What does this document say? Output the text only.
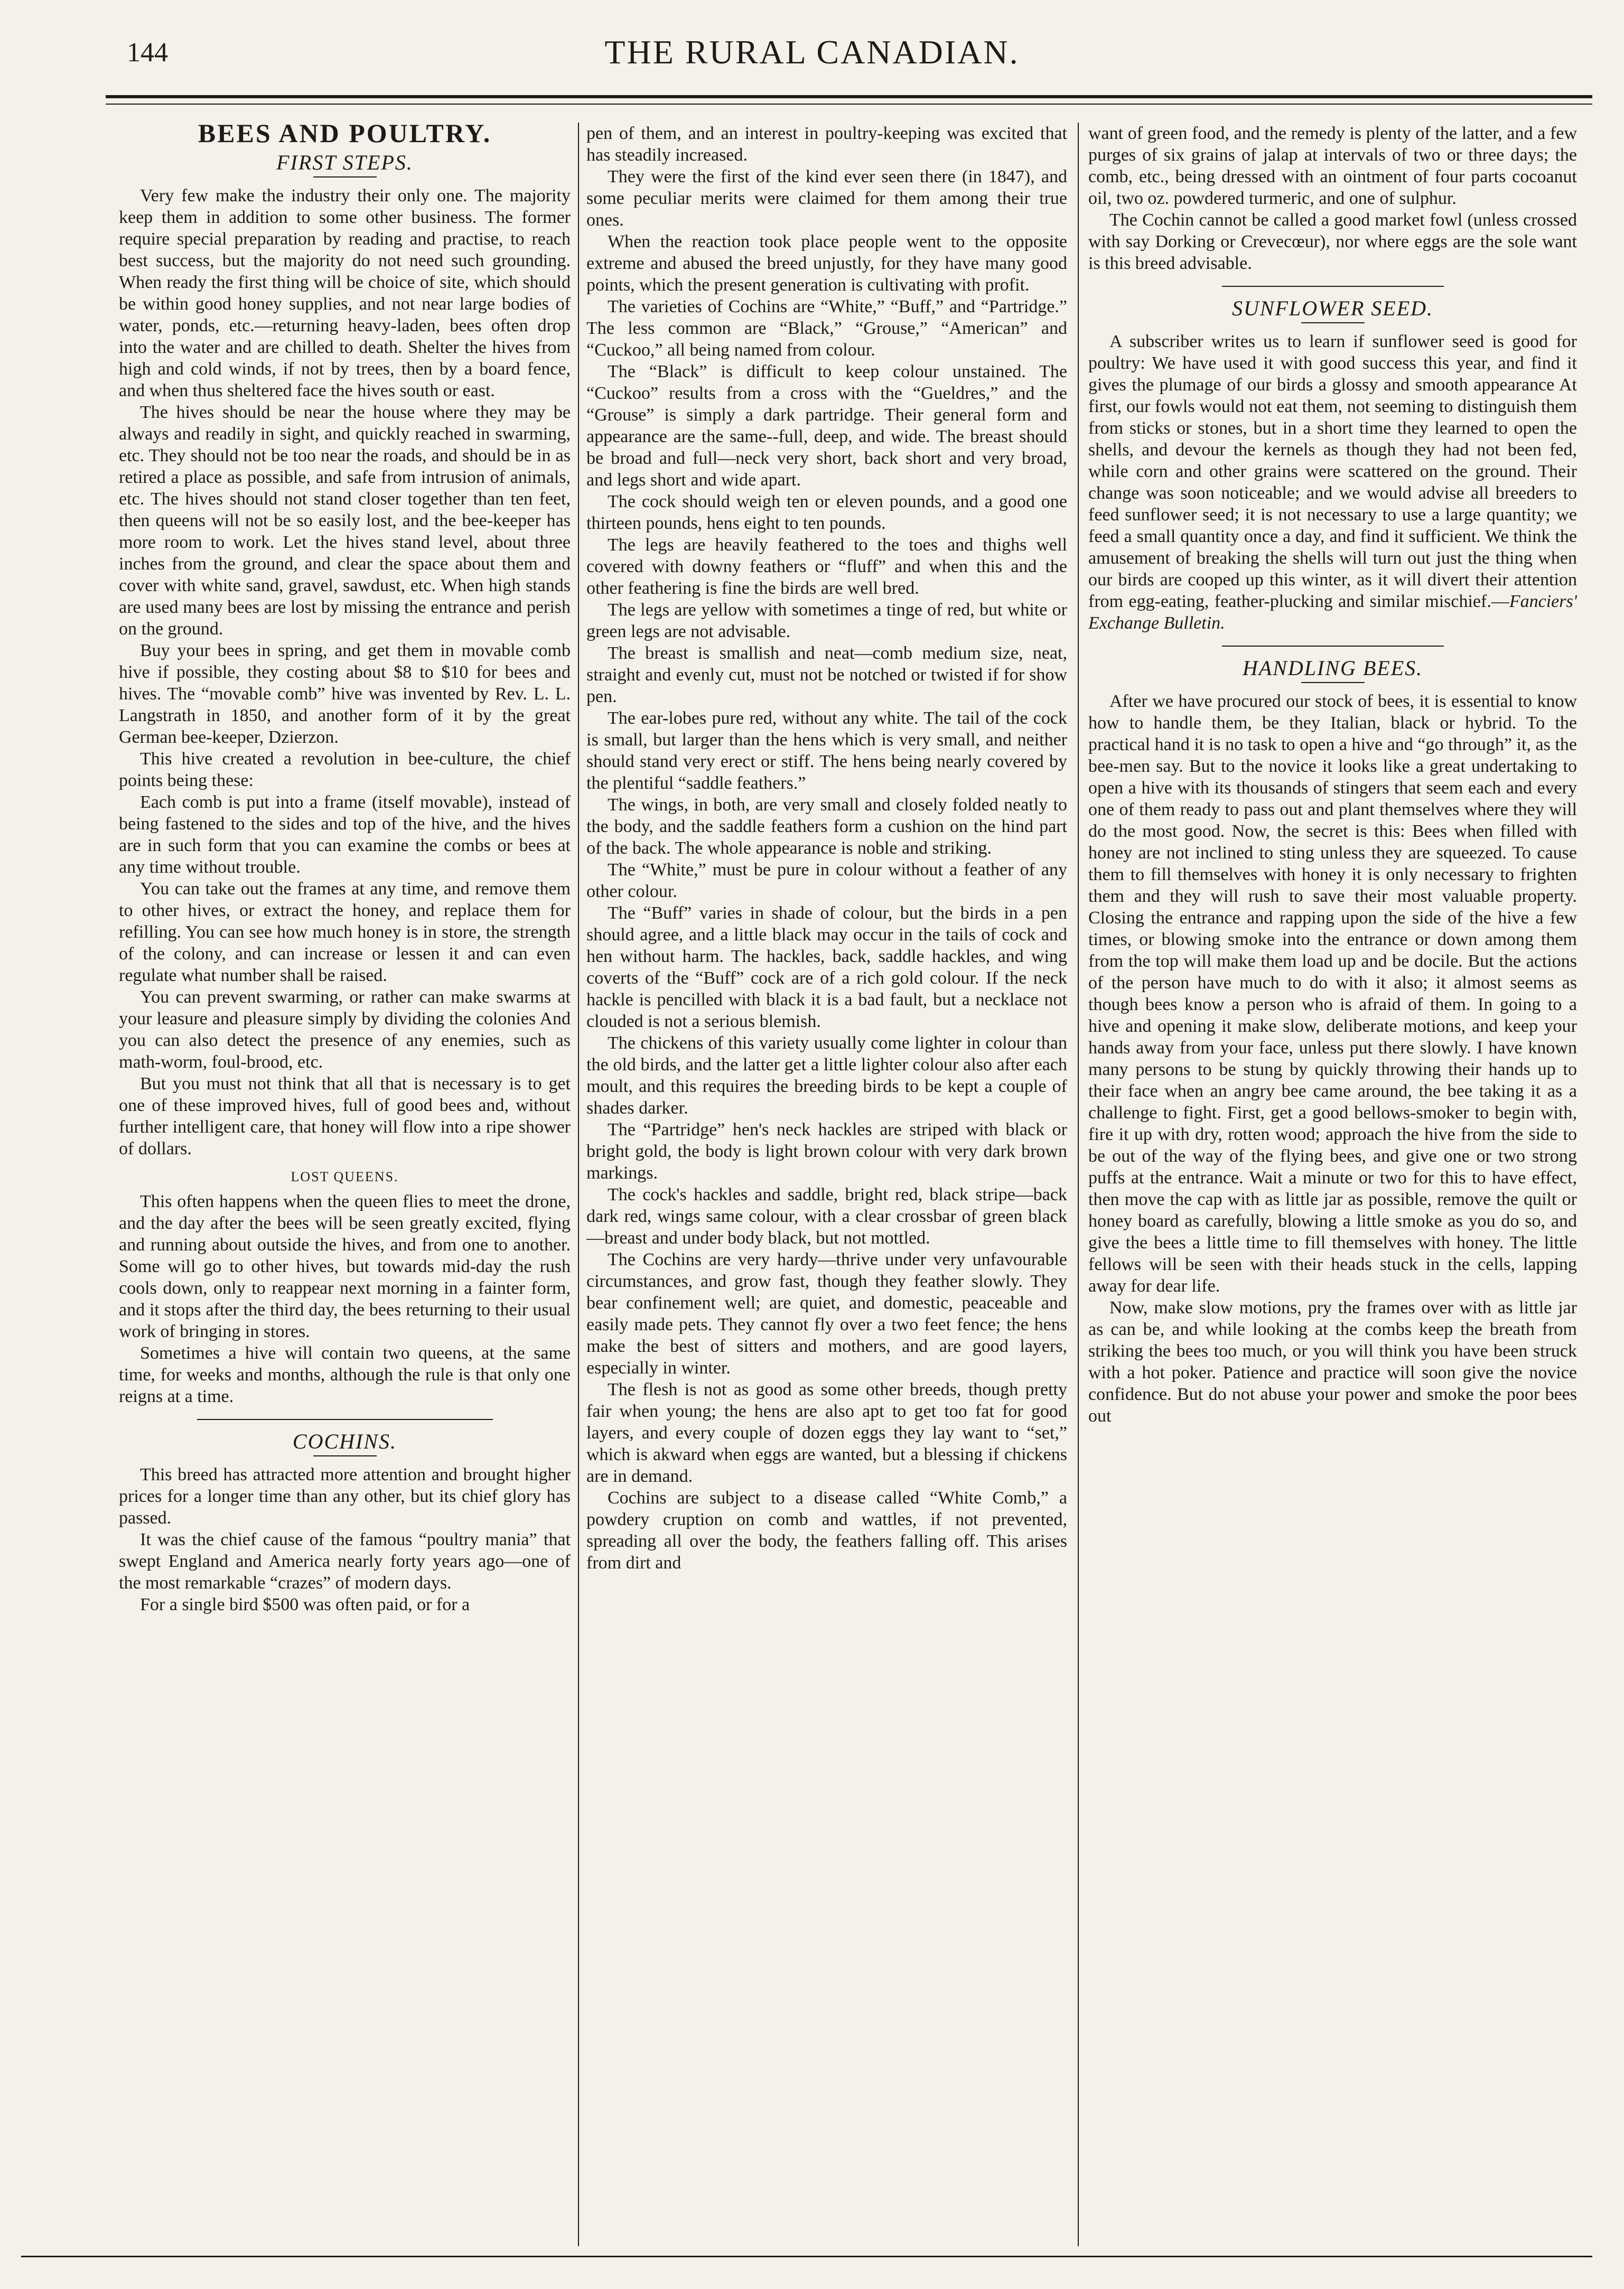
144	THE RURAL CANADIAN.
BEES AND POULTRY.
FIRST STEPS.

Very few make the industry their only one. The majority keep them in addition to some other business. The former require special preparation by reading and practise, to reach best success, but the majority do not need such grounding. When ready the first thing will be choice of site, which should be within good honey supplies, and not near large bodies of water, ponds, etc.—returning heavy-laden, bees often drop into the water and are chilled to death. Shelter the hives from high and cold winds, if not by trees, then by a board fence, and when thus sheltered face the hives south or east.

The hives should be near the house where they may be always and readily in sight, and quickly reached in swarming, etc. They should not be too near the roads, and should be in as retired a place as possible, and safe from intrusion of animals, etc. The hives should not stand closer together than ten feet, then queens will not be so easily lost, and the bee-keeper has more room to work. Let the hives stand level, about three inches from the ground, and clear the space about them and cover with white sand, gravel, sawdust, etc. When high stands are used many bees are lost by missing the entrance and perish on the ground.

Buy your bees in spring, and get them in movable comb hive if possible, they costing about $8 to $10 for bees and hives. The “movable comb” hive was invented by Rev. L. L. Langstrath in 1850, and another form of it by the great German bee-keeper, Dzierzon.

This hive created a revolution in bee-culture, the chief points being these:

Each comb is put into a frame (itself movable), instead of being fastened to the sides and top of the hive, and the hives are in such form that you can examine the combs or bees at any time without trouble.

You can take out the frames at any time, and remove them to other hives, or extract the honey, and replace them for refilling. You can see how much honey is in store, the strength of the colony, and can increase or lessen it and can even regulate what number shall be raised.

You can prevent swarming, or rather can make swarms at your leasure and pleasure simply by dividing the colonies And you can also detect the presence of any enemies, such as math-worm, foul-brood, etc.

But you must not think that all that is necessary is to get one of these improved hives, full of good bees and, without further intelligent care, that honey will flow into a ripe shower of dollars.

LOST QUEENS.

This often happens when the queen flies to meet the drone, and the day after the bees will be seen greatly excited, flying and running about outside the hives, and from one to another. Some will go to other hives, but towards mid-day the rush cools down, only to reappear next morning in a fainter form, and it stops after the third day, the bees returning to their usual work of bringing in stores.

Sometimes a hive will contain two queens, at the same time, for weeks and months, although the rule is that only one reigns at a time.

COCHINS.

This breed has attracted more attention and brought higher prices for a longer time than any other, but its chief glory has passed.

It was the chief cause of the famous “poultry mania” that swept England and America nearly forty years ago—one of the most remarkable “crazes” of modern days.

For a single bird $500 was often paid, or for a

pen of them, and an interest in poultry-keeping was excited that has steadily increased.

They were the first of the kind ever seen there (in 1847), and some peculiar merits were claimed for them among their true ones.

When the reaction took place people went to the opposite extreme and abused the breed unjustly, for they have many good points, which the present generation is cultivating with profit.

The varieties of Cochins are “White,” “Buff,” and “Partridge.” The less common are “Black,” “Grouse,” “American” and “Cuckoo,” all being named from colour.

The “Black” is difficult to keep colour unstained. The “Cuckoo” results from a cross with the “Gueldres,” and the “Grouse” is simply a dark partridge. Their general form and appearance are the same--full, deep, and wide. The breast should be broad and full—neck very short, back short and very broad, and legs short and wide apart.

The cock should weigh ten or eleven pounds, and a good one thirteen pounds, hens eight to ten pounds.

The legs are heavily feathered to the toes and thighs well covered with downy feathers or “fluff” and when this and the other feathering is fine the birds are well bred.

The legs are yellow with sometimes a tinge of red, but white or green legs are not advisable.

The breast is smallish and neat—comb medium size, neat, straight and evenly cut, must not be notched or twisted if for show pen.

The ear-lobes pure red, without any white. The tail of the cock is small, but larger than the hens which is very small, and neither should stand very erect or stiff. The hens being nearly covered by the plentiful “saddle feathers.”

The wings, in both, are very small and closely folded neatly to the body, and the saddle feathers form a cushion on the hind part of the back. The whole appearance is noble and striking.

The “White,” must be pure in colour without a feather of any other colour.

The “Buff” varies in shade of colour, but the birds in a pen should agree, and a little black may occur in the tails of cock and hen without harm. The hackles, back, saddle hackles, and wing coverts of the “Buff” cock are of a rich gold colour. If the neck hackle is pencilled with black it is a bad fault, but a necklace not clouded is not a serious blemish.

The chickens of this variety usually come lighter in colour than the old birds, and the latter get a little lighter colour also after each moult, and this requires the breeding birds to be kept a couple of shades darker.

The “Partridge” hen's neck hackles are striped with black or bright gold, the body is light brown colour with very dark brown markings.

The cock's hackles and saddle, bright red, black stripe—back dark red, wings same colour, with a clear crossbar of green black—breast and under body black, but not mottled.

The Cochins are very hardy—thrive under very unfavourable circumstances, and grow fast, though they feather slowly. They bear confinement well; are quiet, and domestic, peaceable and easily made pets. They cannot fly over a two feet fence; the hens make the best of sitters and mothers, and are good layers, especially in winter.

The flesh is not as good as some other breeds, though pretty fair when young; the hens are also apt to get too fat for good layers, and every couple of dozen eggs they lay want to “set,” which is akward when eggs are wanted, but a blessing if chickens are in demand.

Cochins are subject to a disease called “White Comb,” a powdery cruption on comb and wattles, if not prevented, spreading all over the body, the feathers falling off. This arises from dirt and

want of green food, and the remedy is plenty of the latter, and a few purges of six grains of jalap at intervals of two or three days; the comb, etc., being dressed with an ointment of four parts cocoanut oil, two oz. powdered turmeric, and one of sulphur.

The Cochin cannot be called a good market fowl (unless crossed with say Dorking or Crevecœur), nor where eggs are the sole want is this breed advisable.

SUNFLOWER SEED.

A subscriber writes us to learn if sunflower seed is good for poultry: We have used it with good success this year, and find it gives the plumage of our birds a glossy and smooth appearance At first, our fowls would not eat them, not seeming to distinguish them from sticks or stones, but in a short time they learned to open the shells, and devour the kernels as though they had not been fed, while corn and other grains were scattered on the ground. Their change was soon noticeable; and we would advise all breeders to feed sunflower seed; it is not necessary to use a large quantity; we feed a small quantity once a day, and find it sufficient. We think the amusement of breaking the shells will turn out just the thing when our birds are cooped up this winter, as it will divert their attention from egg-eating, feather-plucking and similar mischief.—Fanciers' Exchange Bulletin.

HANDLING BEES.

After we have procured our stock of bees, it is essential to know how to handle them, be they Italian, black or hybrid. To the practical hand it is no task to open a hive and “go through” it, as the bee-men say. But to the novice it looks like a great undertaking to open a hive with its thousands of stingers that seem each and every one of them ready to pass out and plant themselves where they will do the most good. Now, the secret is this: Bees when filled with honey are not inclined to sting unless they are squeezed. To cause them to fill themselves with honey it is only necessary to frighten them and they will rush to save their most valuable property. Closing the entrance and rapping upon the side of the hive a few times, or blowing smoke into the entrance or down among them from the top will make them load up and be docile. But the actions of the person have much to do with it also; it almost seems as though bees know a person who is afraid of them. In going to a hive and opening it make slow, deliberate motions, and keep your hands away from your face, unless put there slowly. I have known many persons to be stung by quickly throwing their hands up to their face when an angry bee came around, the bee taking it as a challenge to fight. First, get a good bellows-smoker to begin with, fire it up with dry, rotten wood; approach the hive from the side to be out of the way of the flying bees, and give one or two strong puffs at the entrance. Wait a minute or two for this to have effect, then move the cap with as little jar as possible, remove the quilt or honey board as carefully, blowing a little smoke as you do so, and give the bees a little time to fill themselves with honey. The little fellows will be seen with their heads stuck in the cells, lapping away for dear life.

Now, make slow motions, pry the frames over with as little jar as can be, and while looking at the combs keep the breath from striking the bees too much, or you will think you have been struck with a hot poker. Patience and practice will soon give the novice confidence. But do not abuse your power and smoke the poor bees out
